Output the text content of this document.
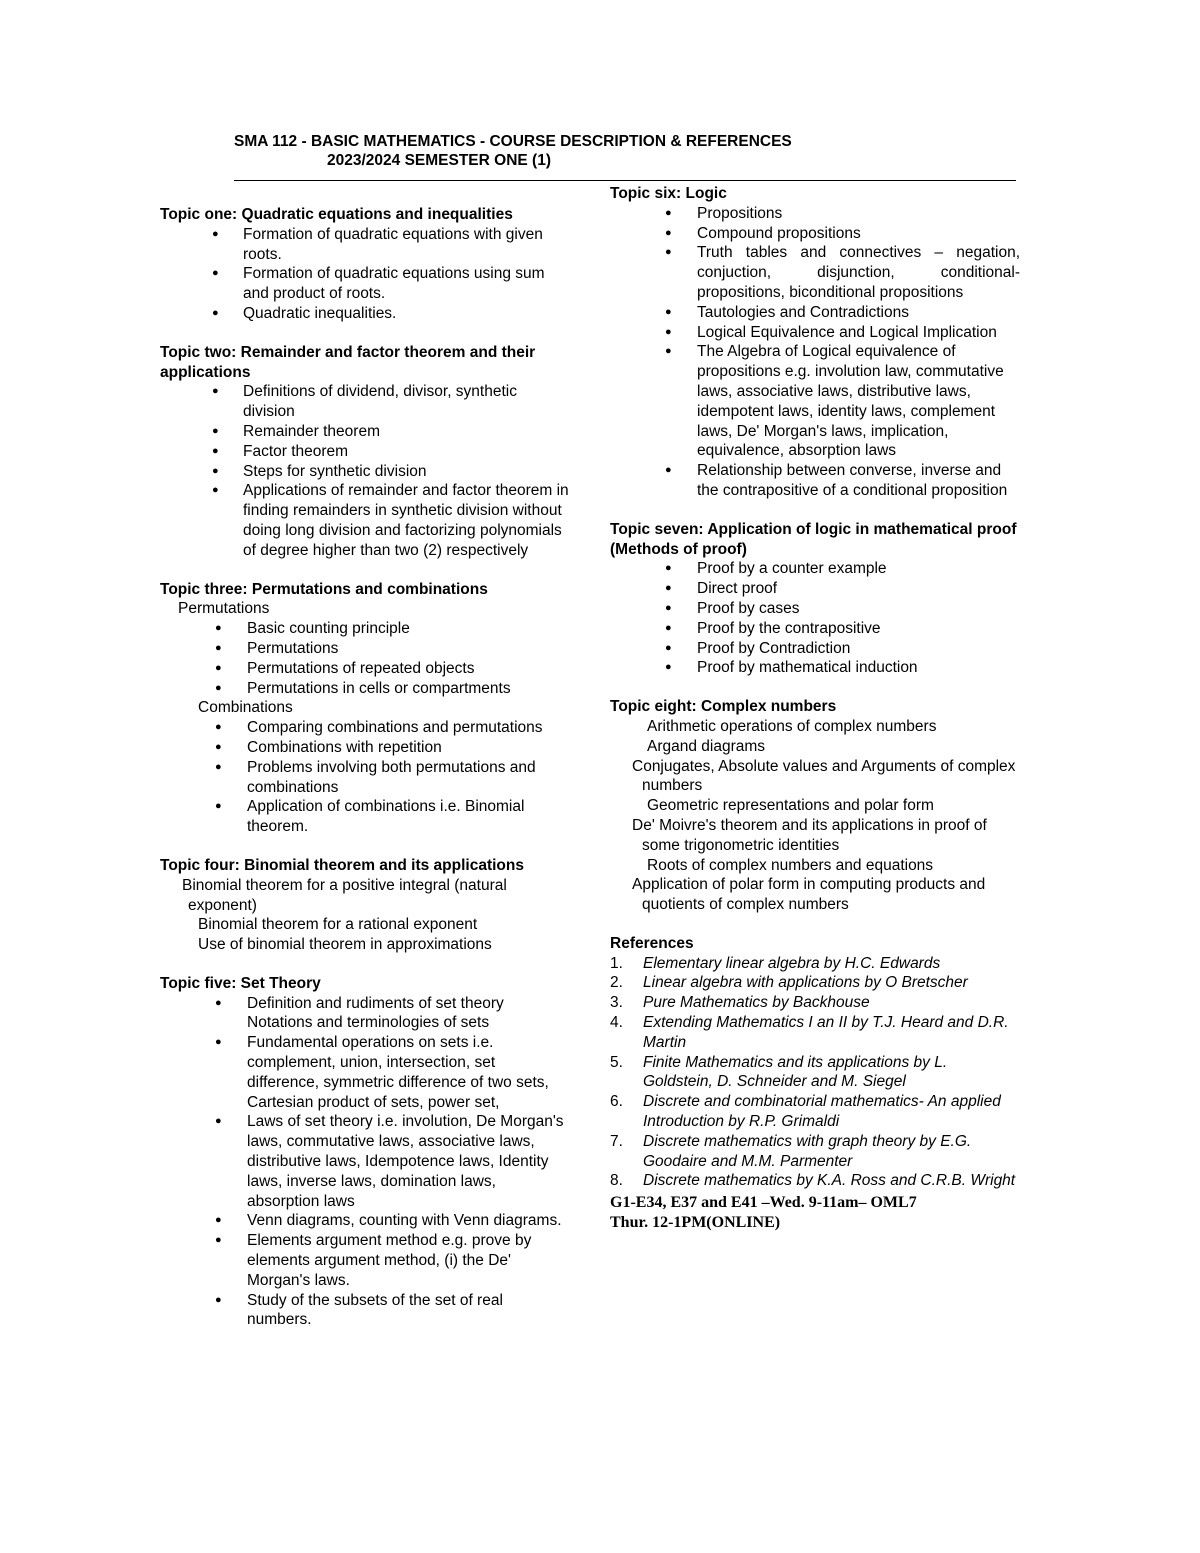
SMA 112 - BASIC MATHEMATICS - COURSE DESCRIPTION & REFERENCES
2023/2024 SEMESTER ONE (1)
Topic one: Quadratic equations and inequalities
● Formation of quadratic equations with given roots.
● Formation of quadratic equations using sum and product of roots.
● Quadratic inequalities.
Topic two: Remainder and factor theorem and their applications
● Definitions of dividend, divisor, synthetic division
● Remainder theorem
● Factor theorem
● Steps for synthetic division
● Applications of remainder and factor theorem in finding remainders in synthetic division without doing long division and factorizing polynomials of degree higher than two (2) respectively
Topic three: Permutations and combinations
Permutations
● Basic counting principle
● Permutations
● Permutations of repeated objects
● Permutations in cells or compartments
Combinations
● Comparing combinations and permutations
● Combinations with repetition
● Problems involving both permutations and combinations
● Application of combinations i.e. Binomial theorem.
Topic four: Binomial theorem and its applications
Binomial theorem for a positive integral (natural exponent)
Binomial theorem for a rational exponent
Use of binomial theorem in approximations
Topic five: Set Theory
● Definition and rudiments of set theory Notations and terminologies of sets
● Fundamental operations on sets i.e. complement, union, intersection, set difference, symmetric difference of two sets, Cartesian product of sets, power set,
● Laws of set theory i.e. involution, De Morgan's laws, commutative laws, associative laws, distributive laws, Idempotence laws, Identity laws, inverse laws, domination laws, absorption laws
● Venn diagrams, counting with Venn diagrams.
● Elements argument method e.g. prove by elements argument method, (i) the De' Morgan's laws.
● Study of the subsets of the set of real numbers.
Topic six: Logic
● Propositions
● Compound propositions
● Truth tables and connectives – negation, conjuction, disjunction, conditional-propositions, biconditional propositions
● Tautologies and Contradictions
● Logical Equivalence and Logical Implication
● The Algebra of Logical equivalence of propositions e.g. involution law, commutative laws, associative laws, distributive laws, idempotent laws, identity laws, complement laws, De' Morgan's laws, implication, equivalence, absorption laws
● Relationship between converse, inverse and the contrapositive of a conditional proposition
Topic seven: Application of logic in mathematical proof (Methods of proof)
● Proof by a counter example
● Direct proof
● Proof by cases
● Proof by the contrapositive
● Proof by Contradiction
● Proof by mathematical induction
Topic eight: Complex numbers
Arithmetic operations of complex numbers
Argand diagrams
Conjugates, Absolute values and Arguments of complex numbers
Geometric representations and polar form
De' Moivre's theorem and its applications in proof of some trigonometric identities
Roots of complex numbers and equations
Application of polar form in computing products and quotients of complex numbers
References
1. Elementary linear algebra by H.C. Edwards
2. Linear algebra with applications by O Bretscher
3. Pure Mathematics by Backhouse
4. Extending Mathematics I an II by T.J. Heard and D.R. Martin
5. Finite Mathematics and its applications by L. Goldstein, D. Schneider and M. Siegel
6. Discrete and combinatorial mathematics- An applied Introduction by R.P. Grimaldi
7. Discrete mathematics with graph theory by E.G. Goodaire and M.M. Parmenter
8. Discrete mathematics by K.A. Ross and C.R.B. Wright
G1-E34, E37 and E41 –Wed. 9-11am– OML7
Thur. 12-1PM(ONLINE)
